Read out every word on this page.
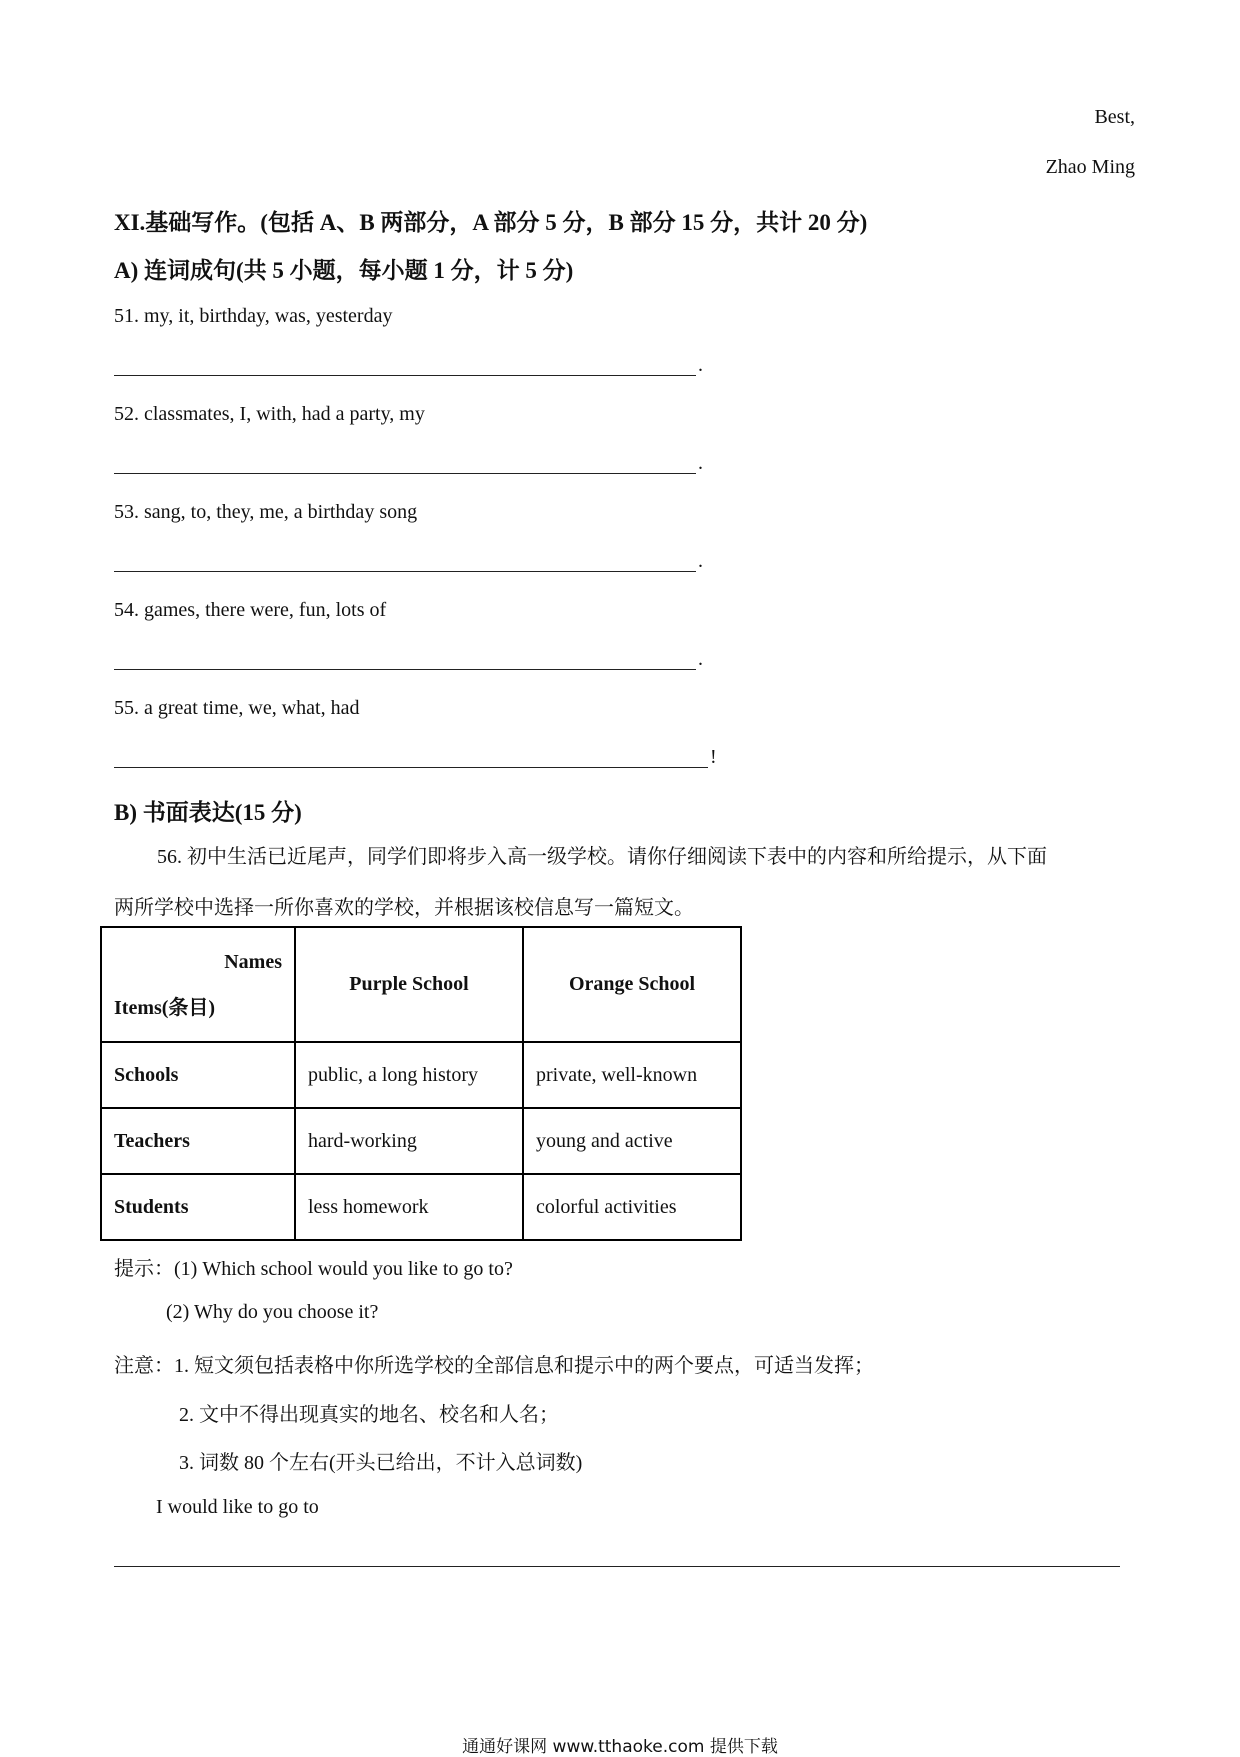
Best,
Zhao Ming
XI.基础写作。(包括 A、B 两部分，A 部分 5 分，B 部分 15 分，共计 20 分)
A) 连词成句(共 5 小题，每小题 1 分，计 5 分)
51. my, it, birthday, was, yesterday
.
52. classmates, I, with, had a party, my
.
53. sang, to, they, me, a birthday song
.
54. games, there were, fun, lots of
.
55. a great time, we, what, had
!
B) 书面表达(15 分)
56. 初中生活已近尾声，同学们即将步入高一级学校。请你仔细阅读下表中的内容和所给提示，从下面
两所学校中选择一所你喜欢的学校，并根据该校信息写一篇短文。
Names
Items(条目)	Purple School	Orange School
Schools	public, a long history	private, well-known
Teachers	hard-working	young and active
Students	less homework	colorful activities
提示：(1) Which school would you like to go to?
(2) Why do you choose it?
注意：1. 短文须包括表格中你所选学校的全部信息和提示中的两个要点，可适当发挥；
2. 文中不得出现真实的地名、校名和人名；
3. 词数 80 个左右(开头已给出，不计入总词数)
I would like to go to
通通好课网 www.tthaoke.com 提供下载
